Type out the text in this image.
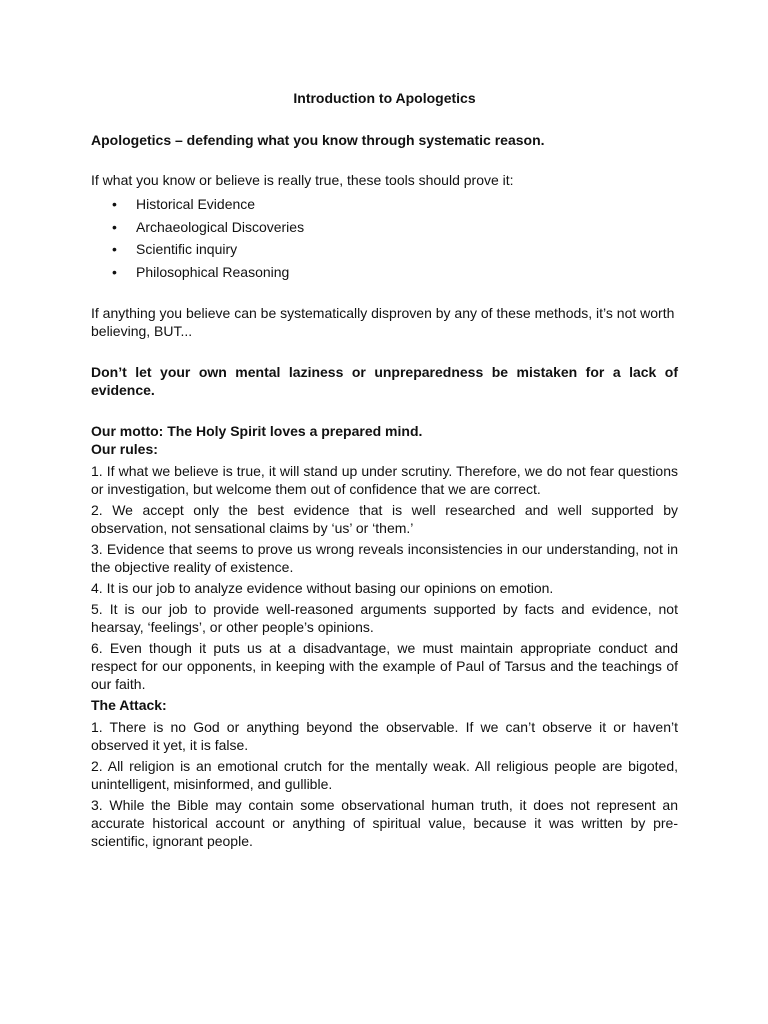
Introduction to Apologetics

Apologetics – defending what you know through systematic reason.

If what you know or believe is really true, these tools should prove it:

• Historical Evidence
• Archaeological Discoveries
• Scientific inquiry
• Philosophical Reasoning

If anything you believe can be systematically disproven by any of these methods, it’s not worth believing, BUT...

Don’t let your own mental laziness or unpreparedness be mistaken for a lack of evidence.

Our motto: The Holy Spirit loves a prepared mind.

Our rules:

1. If what we believe is true, it will stand up under scrutiny. Therefore, we do not fear questions or investigation, but welcome them out of confidence that we are correct.
2. We accept only the best evidence that is well researched and well supported by observation, not sensational claims by ‘us’ or ‘them.’
3. Evidence that seems to prove us wrong reveals inconsistencies in our understanding, not in the objective reality of existence.
4. It is our job to analyze evidence without basing our opinions on emotion.
5. It is our job to provide well-reasoned arguments supported by facts and evidence, not hearsay, ‘feelings’, or other people’s opinions.
6. Even though it puts us at a disadvantage, we must maintain appropriate conduct and respect for our opponents, in keeping with the example of Paul of Tarsus and the teachings of our faith.

The Attack:

1. There is no God or anything beyond the observable. If we can’t observe it or haven’t observed it yet, it is false.
2. All religion is an emotional crutch for the mentally weak. All religious people are bigoted, unintelligent, misinformed, and gullible.
3. While the Bible may contain some observational human truth, it does not represent an accurate historical account or anything of spiritual value, because it was written by pre-scientific, ignorant people.
